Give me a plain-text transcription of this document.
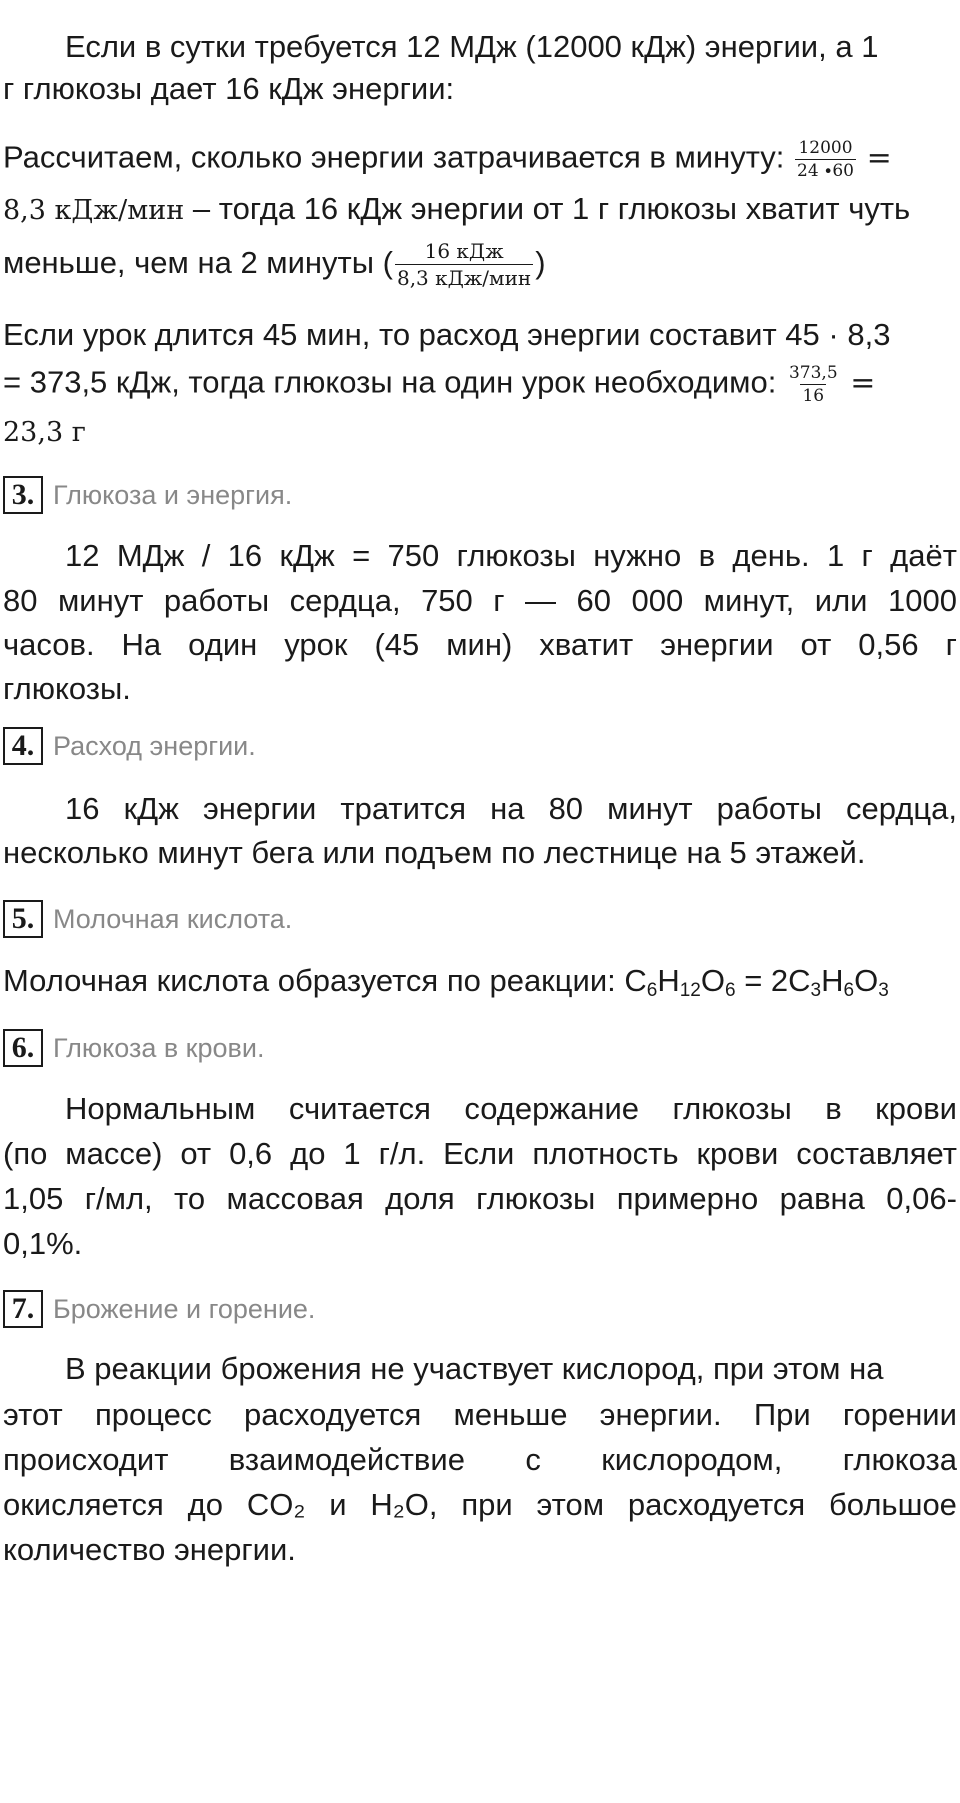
Если в сутки требуется 12 МДж (12000 кДж) энергии, а 1
г глюкозы дает 16 кДж энергии:
Рассчитаем, сколько энергии затрачивается в минуту: $\frac{12000}{24 \cdot 60}$ =
8,3 кДж/мин – тогда 16 кДж энергии от 1 г глюкозы хватит чуть
меньше, чем на 2 минуты ( $\frac{\text{16 кДж}}{\text{8,3 кДж/мин}}$ )
Если урок длится 45 мин, то расход энергии составит 45 · 8,3
= 373,5 кДж, тогда глюкозы на один урок необходимо: $\frac{373,5}{16}$ =
23,3 г
3. Глюкоза и энергия.
12 МДж / 16 кДж = 750 глюкозы нужно в день. 1 г даёт
80 минут работы сердца, 750 г — 60 000 минут, или 1000
часов. На один урок (45 мин) хватит энергии от 0,56 г
глюкозы.
4. Расход энергии.
16 кДж энергии тратится на 80 минут работы сердца,
несколько минут бега или подъем по лестнице на 5 этажей.
5. Молочная кислота.
Молочная кислота образуется по реакции: $C_6H_{12}O_6 = 2C_3H_6O_3$
6. Глюкоза в крови.
Нормальным считается содержание глюкозы в крови
(по массе) от 0,6 до 1 г/л. Если плотность крови составляет
1,05 г/мл, то массовая доля глюкозы примерно равна 0,06-
0,1%.
7. Брожение и горение.
В реакции брожения не участвует кислород, при этом на
этот процесс расходуется меньше энергии. При горении
происходит взаимодействие с кислородом, глюкоза
окисляется до CO₂ и H₂O, при этом расходуется большое
количество энергии.
